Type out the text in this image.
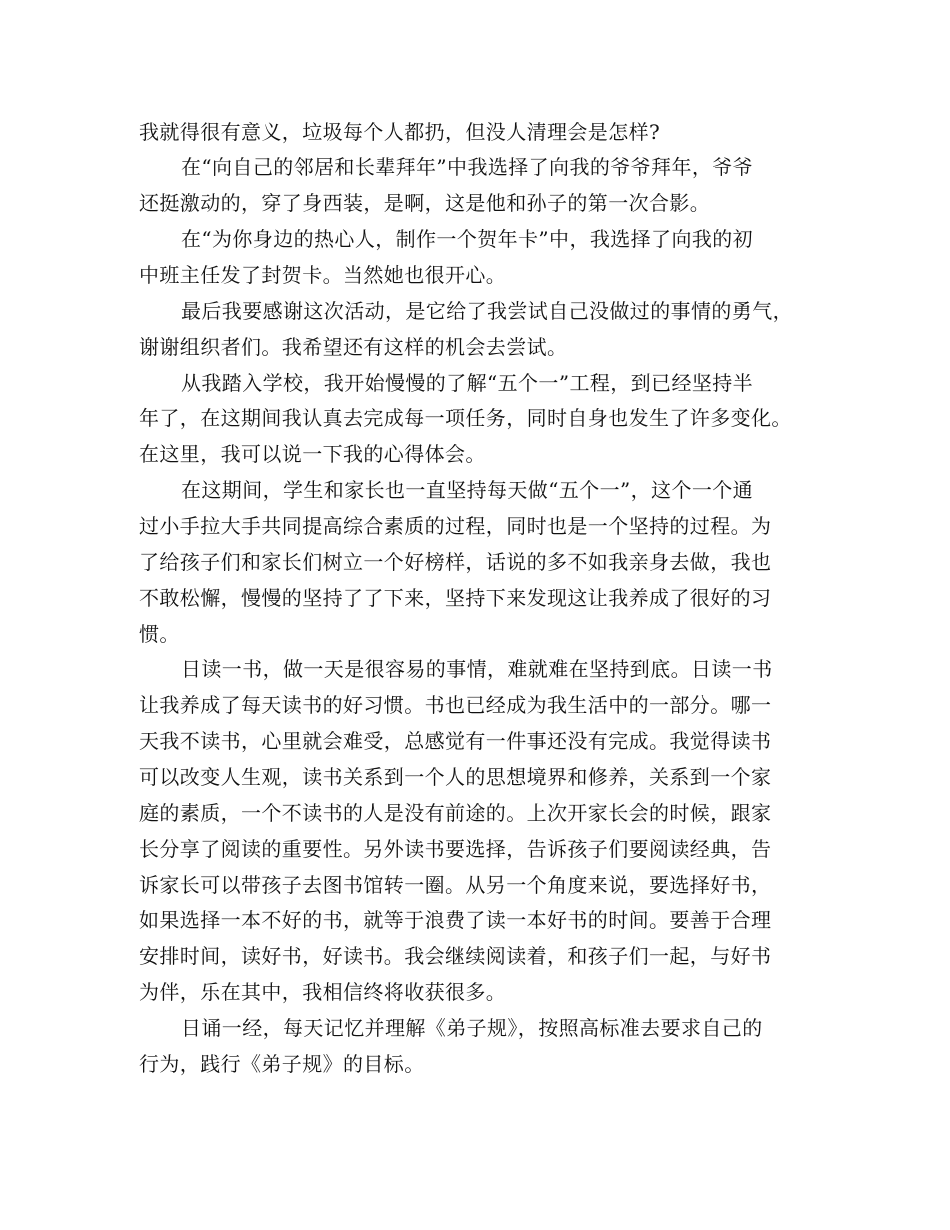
我就得很有意义，垃圾每个人都扔，但没人清理会是怎样?
在“向自己的邻居和长辈拜年”中我选择了向我的爷爷拜年，爷爷
还挺激动的，穿了身西装，是啊，这是他和孙子的第一次合影。
在“为你身边的热心人，制作一个贺年卡”中，我选择了向我的初
中班主任发了封贺卡。当然她也很开心。
最后我要感谢这次活动，是它给了我尝试自己没做过的事情的勇气，
谢谢组织者们。我希望还有这样的机会去尝试。
从我踏入学校，我开始慢慢的了解“五个一”工程，到已经坚持半
年了，在这期间我认真去完成每一项任务，同时自身也发生了许多变化。
在这里，我可以说一下我的心得体会。
在这期间，学生和家长也一直坚持每天做“五个一”，这个一个通
过小手拉大手共同提高综合素质的过程，同时也是一个坚持的过程。为
了给孩子们和家长们树立一个好榜样，话说的多不如我亲身去做，我也
不敢松懈，慢慢的坚持了了下来，坚持下来发现这让我养成了很好的习
惯。
日读一书，做一天是很容易的事情，难就难在坚持到底。日读一书
让我养成了每天读书的好习惯。书也已经成为我生活中的一部分。哪一
天我不读书，心里就会难受，总感觉有一件事还没有完成。我觉得读书
可以改变人生观，读书关系到一个人的思想境界和修养，关系到一个家
庭的素质，一个不读书的人是没有前途的。上次开家长会的时候，跟家
长分享了阅读的重要性。另外读书要选择，告诉孩子们要阅读经典，告
诉家长可以带孩子去图书馆转一圈。从另一个角度来说，要选择好书，
如果选择一本不好的书，就等于浪费了读一本好书的时间。要善于合理
安排时间，读好书，好读书。我会继续阅读着，和孩子们一起，与好书
为伴，乐在其中，我相信终将收获很多。
日诵一经，每天记忆并理解《弟子规》，按照高标准去要求自己的
行为，践行《弟子规》的目标。
